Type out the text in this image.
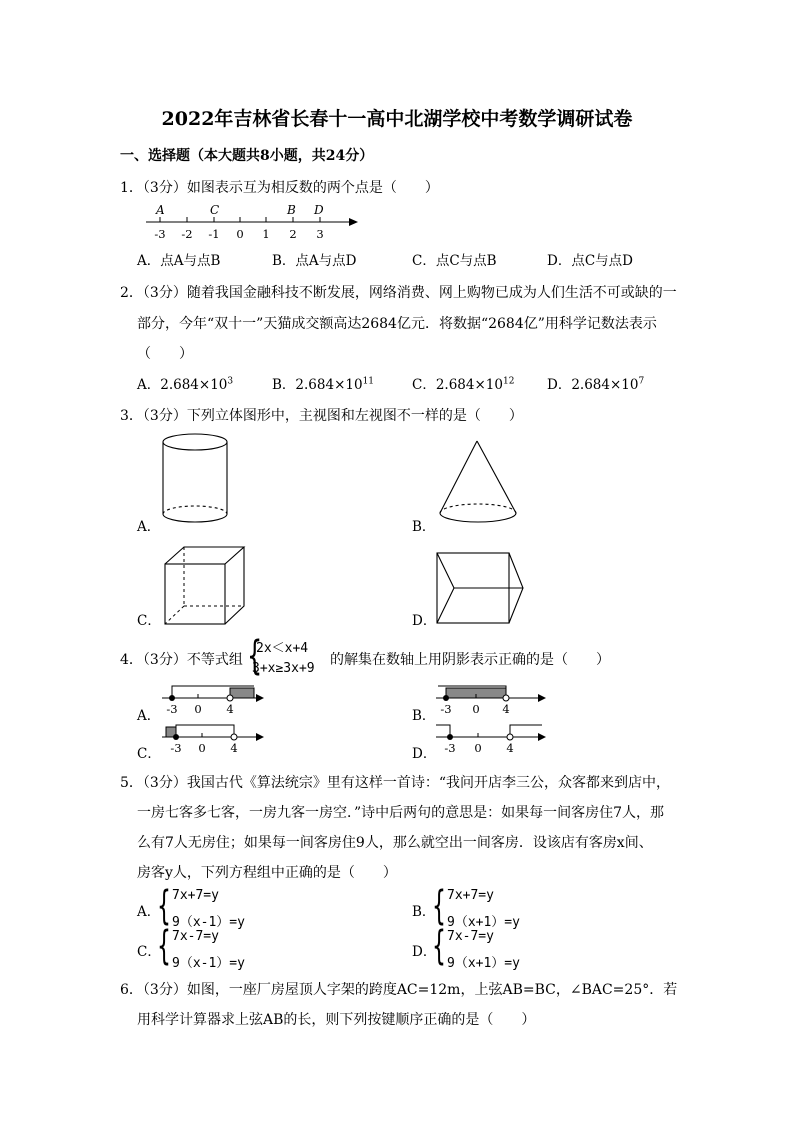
2022年吉林省长春十一高中北湖学校中考数学调研试卷
一、选择题（本大题共8小题，共24分）
1．（3分）如图表示互为相反数的两个点是（　　）
A	C	B D
-3 -2 -1 0 1 2 3
A．点A与点B	B．点A与点D	C．点C与点B	D．点C与点D
2．（3分）随着我国金融科技不断发展，网络消费、网上购物已成为人们生活不可或缺的一
部分，今年“双十一”天猫成交额高达2684亿元．将数据“2684亿”用科学记数法表示
（　　）
A．$2.684\times 10^3$	B．$2.684\times 10^{11}$	C．$2.684\times 10^{12}$ D．$2.684\times 10^7$
3．（3分）下列立体图形中，主视图和左视图不一样的是（　　）
A．	B．
C．	D．
4．（3分）不等式组 {
2x＜x+4
3+x≥3x+9
的解集在数轴上用阴影表示正确的是（　　）
A． -3 0 4	B． -3 0 4
C． -3 0 4	D． -3 0 4
5．（3分）我国古代《算法统宗》里有这样一首诗：“我问开店李三公，众客都来到店中，
一房七客多七客，一房九客一房空．”诗中后两句的意思是：如果每一间客房住7人，那
么有7人无房住；如果每一间客房住9人，那么就空出一间客房．设该店有客房x间、
房客y人，下列方程组中正确的是（　　）
A．
{ 7x+7=y
9（x-1）=y
B．
{ 7x+7=y
9（x+1）=y
C．
{ 7x-7=y
9（x-1）=y
D．
{ 7x-7=y
9（x+1）=y
6．（3分）如图，一座厂房屋顶人字架的跨度AC=12m，上弦AB=BC，∠BAC=25°．若
用科学计算器求上弦AB的长，则下列按键顺序正确的是（　　）
